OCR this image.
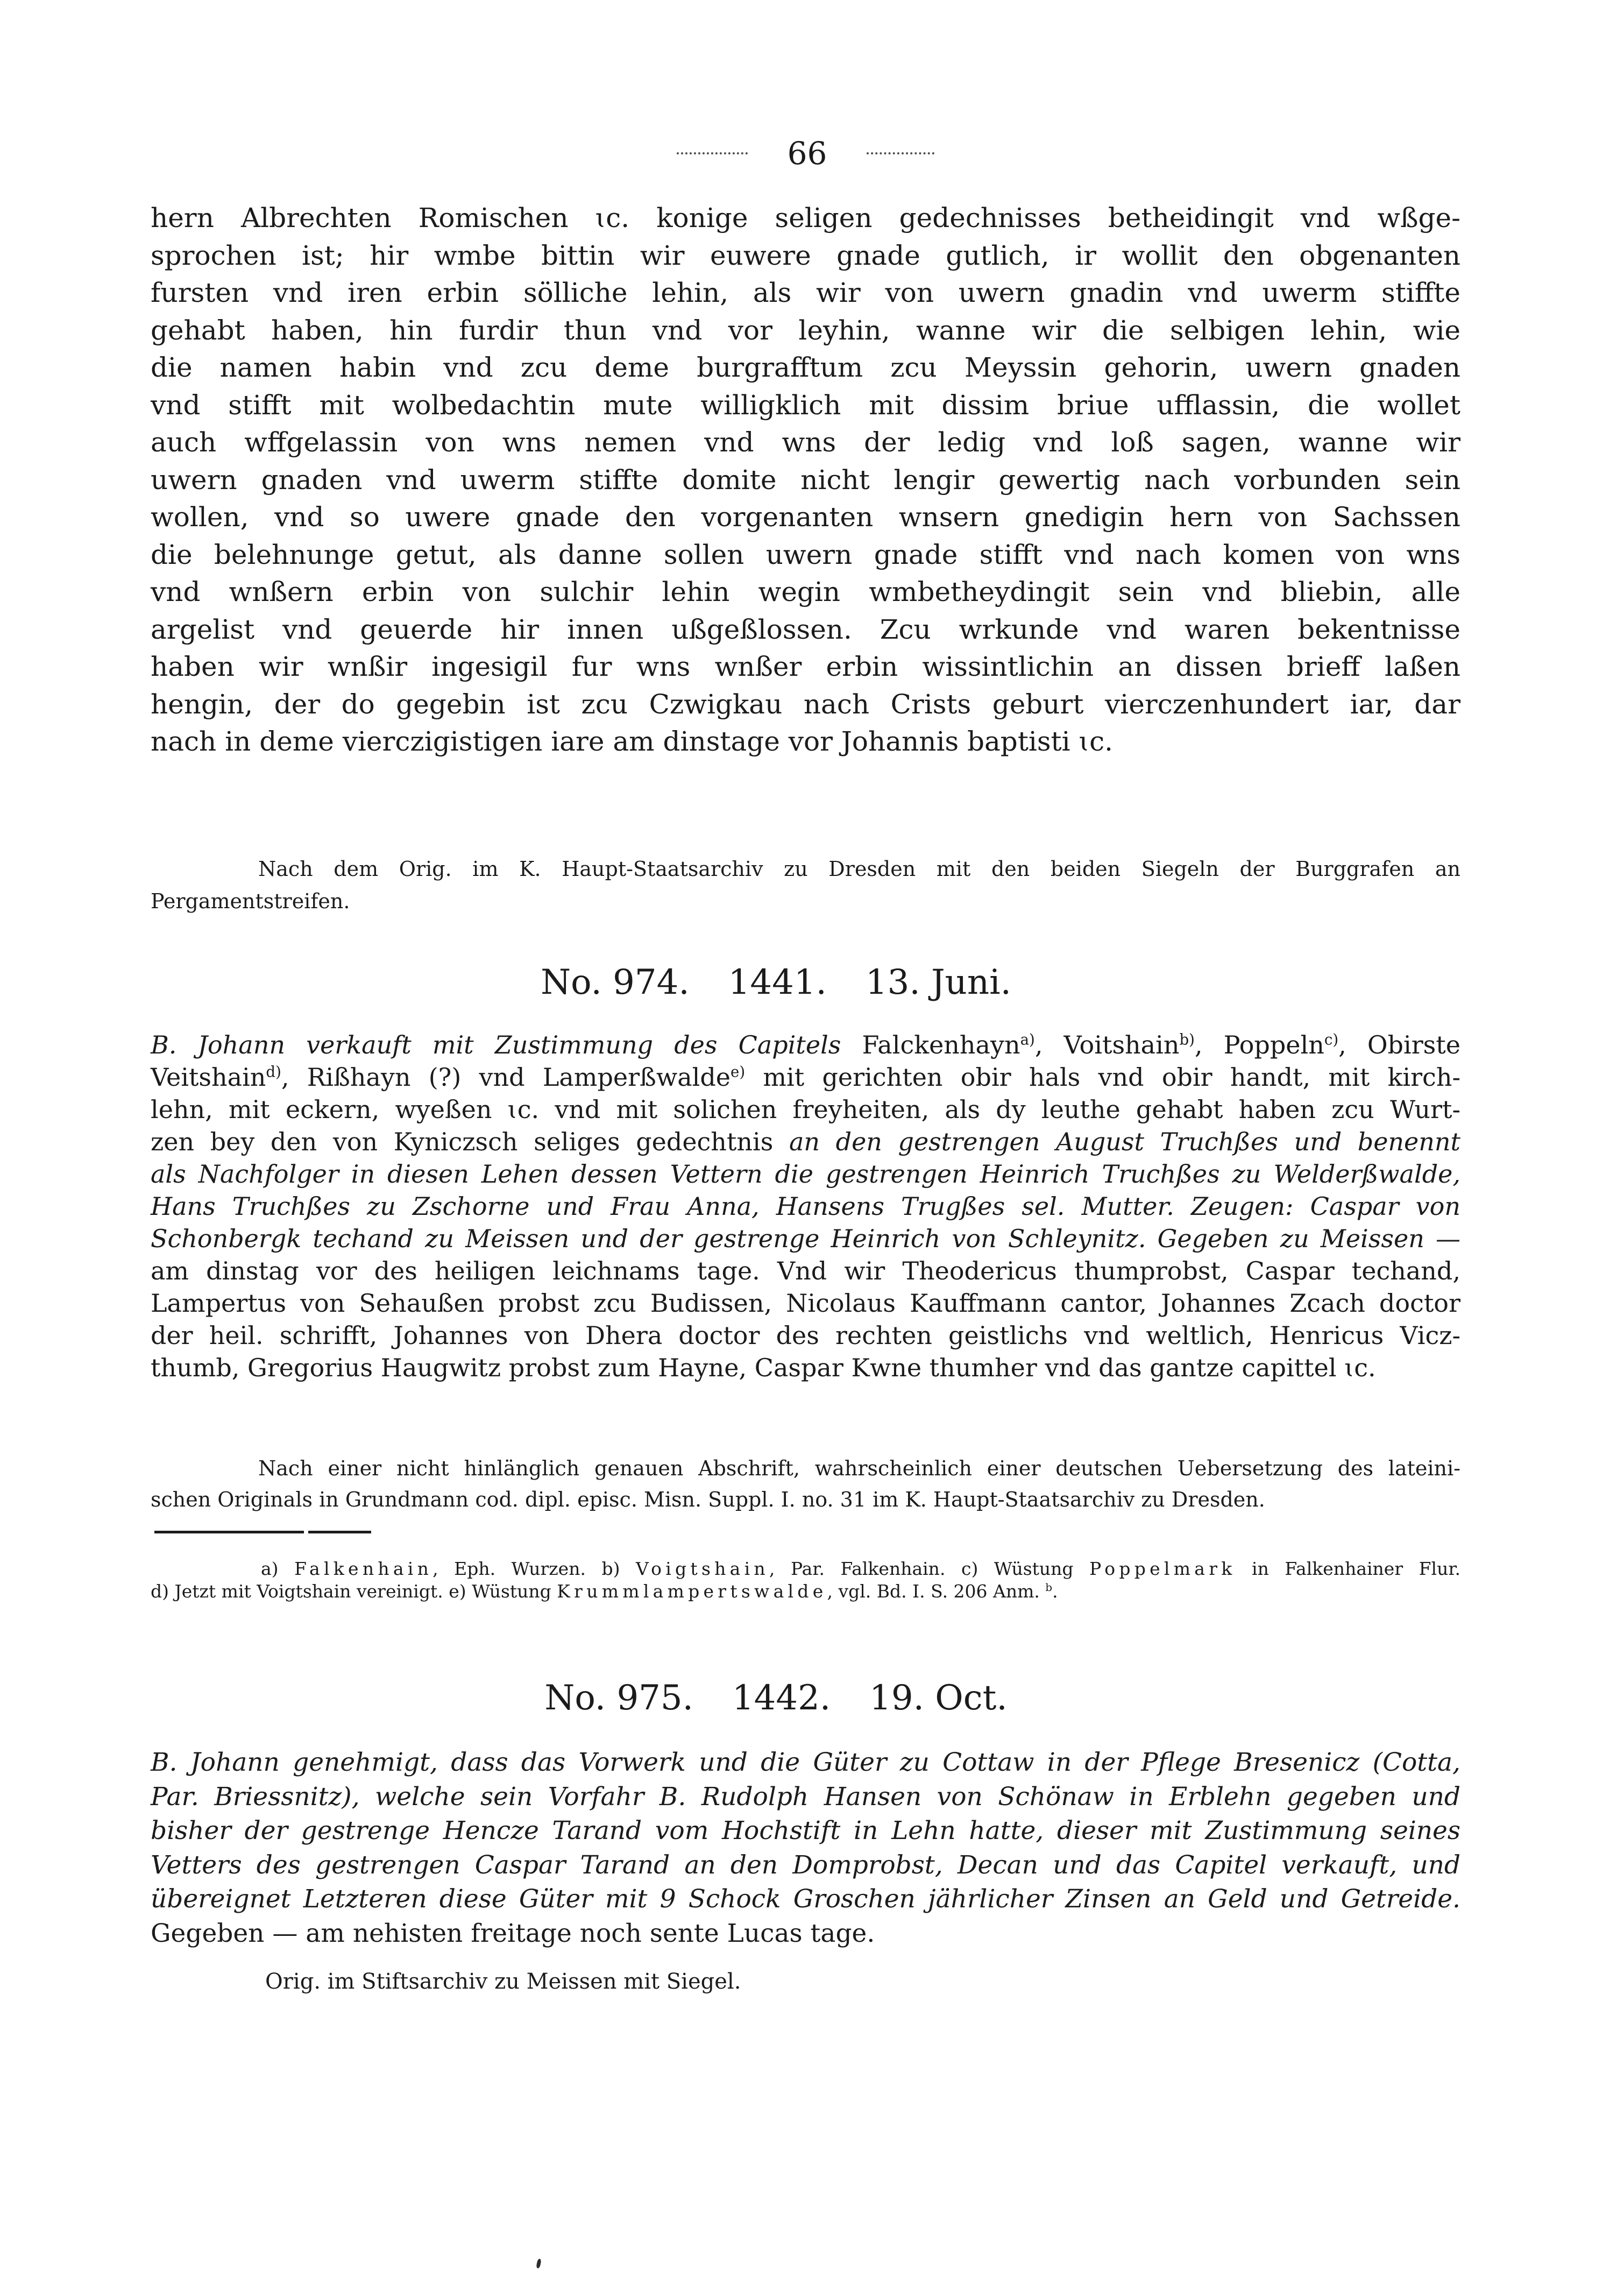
66
hern Albrechten Romischen ɩc. konige seligen gedechnisses betheidingit vnd wßge-
sprochen ist; hir wmbe bittin wir euwere gnade gutlich, ir wollit den obgenanten
fursten vnd iren erbin sölliche lehin, als wir von uwern gnadin vnd uwerm stiffte
gehabt haben, hin furdir thun vnd vor leyhin, wanne wir die selbigen lehin, wie
die namen habin vnd zcu deme burgrafftum zcu Meyssin gehorin, uwern gnaden
vnd stifft mit wolbedachtin mute willigklich mit dissim briue ufflassin, die wollet
auch wffgelassin von wns nemen vnd wns der ledig vnd loß sagen, wanne wir
uwern gnaden vnd uwerm stiffte domite nicht lengir gewertig nach vorbunden sein
wollen, vnd so uwere gnade den vorgenanten wnsern gnedigin hern von Sachssen
die belehnunge getut, als danne sollen uwern gnade stifft vnd nach komen von wns
vnd wnßern erbin von sulchir lehin wegin wmbetheydingit sein vnd bliebin, alle
argelist vnd geuerde hir innen ußgeßlossen. Zcu wrkunde vnd waren bekentnisse
haben wir wnßir ingesigil fur wns wnßer erbin wissintlichin an dissen brieff laßen
hengin, der do gegebin ist zcu Czwigkau nach Crists geburt vierczenhundert iar, dar
nach in deme vierczigistigen iare am dinstage vor Johannis baptisti ɩc.
Nach dem Orig. im K. Haupt-Staatsarchiv zu Dresden mit den beiden Siegeln der Burggrafen an
Pergamentstreifen.
No. 974. 1441. 13. Juni.
B. Johann verkauft mit Zustimmung des Capitels Falckenhayn$^{a)}$, Voitshain$^{b)}$, Poppeln$^{c)}$, Obirste
Veitshain$^{d)}$, Rißhayn (?) vnd Lamperßwalde$^{e)}$ mit gerichten obir hals vnd obir handt, mit kirch-
lehn, mit eckern, wyeßen ɩc. vnd mit solichen freyheiten, als dy leuthe gehabt haben zcu Wurt-
zen bey den von Kyniczsch seliges gedechtnis an den gestrengen August Truchßes und benennt
als Nachfolger in diesen Lehen dessen Vettern die gestrengen Heinrich Truchßes zu Welderßwalde,
Hans Truchßes zu Zschorne und Frau Anna, Hansens Trugßes sel. Mutter. Zeugen: Caspar von
Schonbergk techand zu Meissen und der gestrenge Heinrich von Schleynitz. Gegeben zu Meissen —
am dinstag vor des heiligen leichnams tage. Vnd wir Theodericus thumprobst, Caspar techand,
Lampertus von Sehaußen probst zcu Budissen, Nicolaus Kauffmann cantor, Johannes Zcach doctor
der heil. schrifft, Johannes von Dhera doctor des rechten geistlichs vnd weltlich, Henricus Vicz-
thumb, Gregorius Haugwitz probst zum Hayne, Caspar Kwne thumher vnd das gantze capittel ɩc.
Nach einer nicht hinlänglich genauen Abschrift, wahrscheinlich einer deutschen Uebersetzung des lateini-
schen Originals in Grundmann cod. dipl. episc. Misn. Suppl. I. no. 31 im K. Haupt-Staatsarchiv zu Dresden.
a) Falkenhain, Eph. Wurzen. b) Voigtshain, Par. Falkenhain. c) Wüstung Poppelmark in Falkenhainer Flur.
d) Jetzt mit Voigtshain vereinigt. e) Wüstung Krummlampertswalde, vgl. Bd. I. S. 206 Anm. $^b$.
No. 975. 1442. 19. Oct.
B. Johann genehmigt, dass das Vorwerk und die Güter zu Cottaw in der Pflege Bresenicz (Cotta,
Par. Briessnitz), welche sein Vorfahr B. Rudolph Hansen von Schönaw in Erblehn gegeben und
bisher der gestrenge Hencze Tarand vom Hochstift in Lehn hatte, dieser mit Zustimmung seines
Vetters des gestrengen Caspar Tarand an den Domprobst, Decan und das Capitel verkauft, und
übereignet Letzteren diese Güter mit 9 Schock Groschen jährlicher Zinsen an Geld und Getreide.
Gegeben — am nehisten freitage noch sente Lucas tage.
Orig. im Stiftsarchiv zu Meissen mit Siegel.
